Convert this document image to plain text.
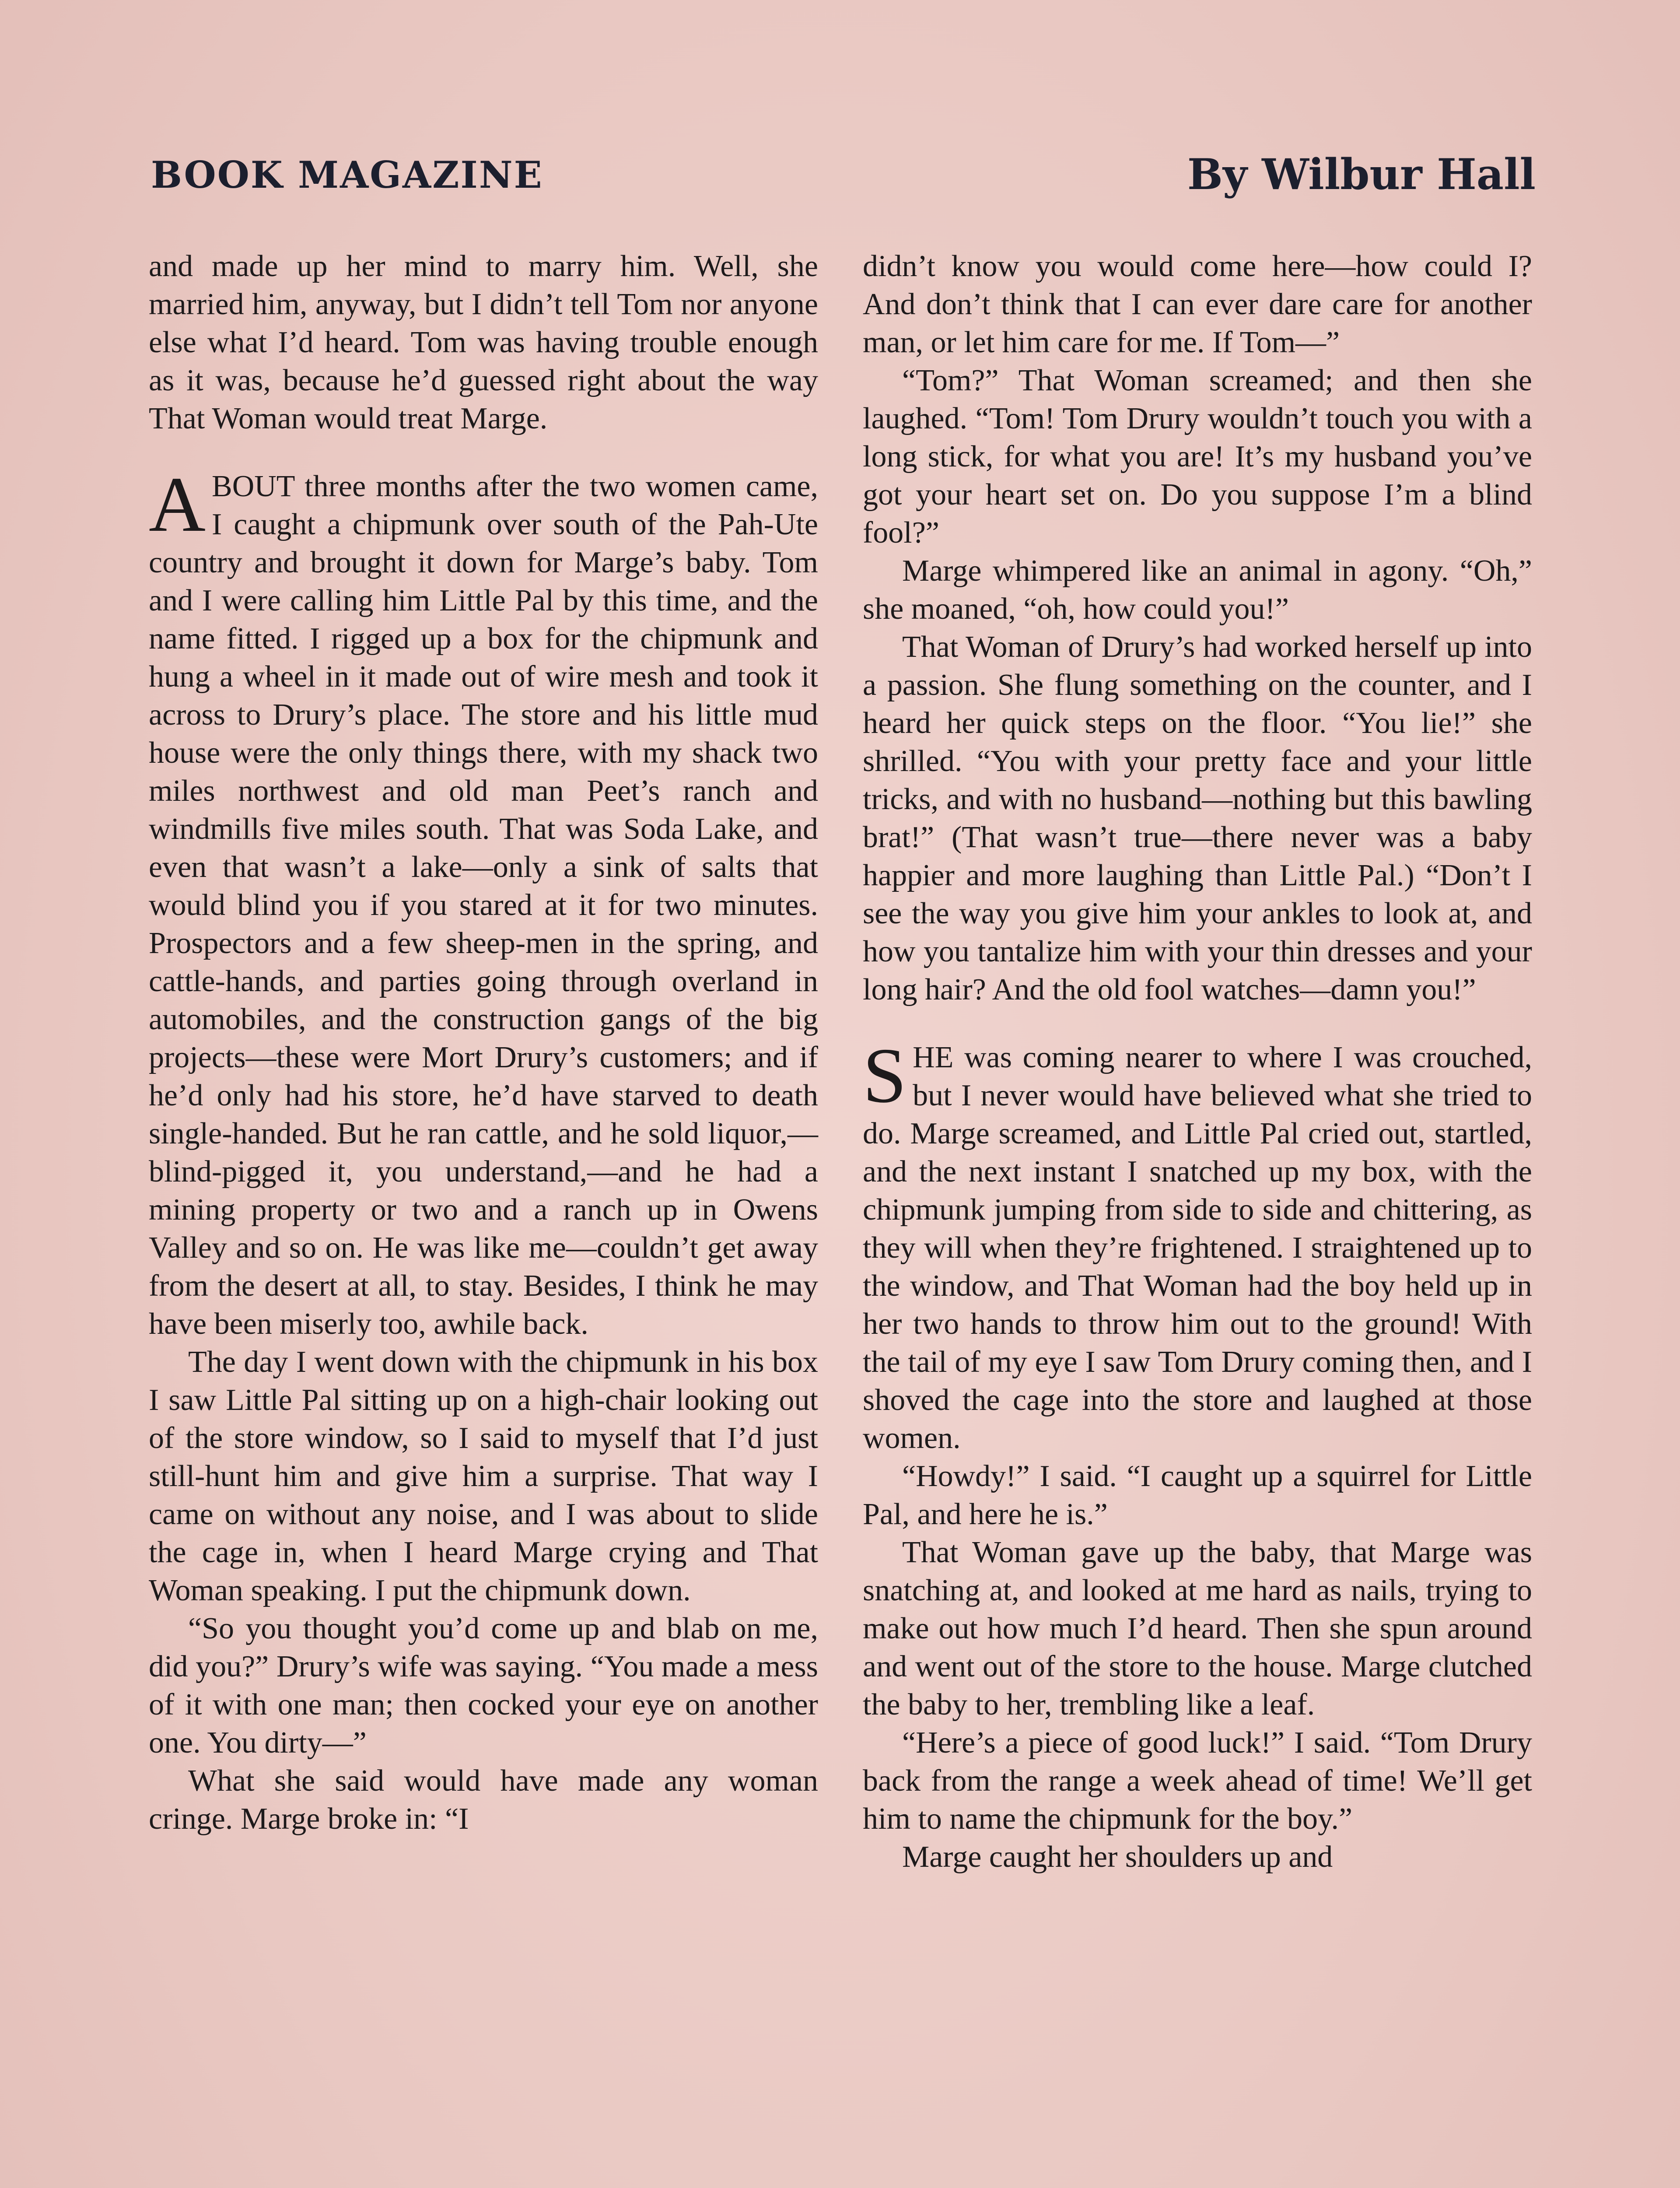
BOOK MAGAZINE	By Wilbur Hall

and made up her mind to marry him. Well, she married him, anyway, but I didn’t tell Tom nor anyone else what I’d heard. Tom was having trouble enough as it was, because he’d guessed right about the way That Woman would treat Marge.

ABOUT three months after the two women came, I caught a chipmunk over south of the Pah-Ute country and brought it down for Marge’s baby. Tom and I were calling him Little Pal by this time, and the name fitted. I rigged up a box for the chipmunk and hung a wheel in it made out of wire mesh and took it across to Drury’s place. The store and his little mud house were the only things there, with my shack two miles northwest and old man Peet’s ranch and windmills five miles south. That was Soda Lake, and even that wasn’t a lake—only a sink of salts that would blind you if you stared at it for two minutes. Prospectors and a few sheep-men in the spring, and cattle-hands, and parties going through overland in automobiles, and the construction gangs of the big projects—these were Mort Drury’s customers; and if he’d only had his store, he’d have starved to death single-handed. But he ran cattle, and he sold liquor,—blind-pigged it, you understand,—and he had a mining property or two and a ranch up in Owens Valley and so on. He was like me—couldn’t get away from the desert at all, to stay. Besides, I think he may have been miserly too, awhile back.

The day I went down with the chipmunk in his box I saw Little Pal sitting up on a high-chair looking out of the store window, so I said to myself that I’d just still-hunt him and give him a surprise. That way I came on without any noise, and I was about to slide the cage in, when I heard Marge crying and That Woman speaking. I put the chipmunk down.

“So you thought you’d come up and blab on me, did you?” Drury’s wife was saying. “You made a mess of it with one man; then cocked your eye on another one. You dirty—”

What she said would have made any woman cringe. Marge broke in: “I

didn’t know you would come here—how could I? And don’t think that I can ever dare care for another man, or let him care for me. If Tom—”

“Tom?” That Woman screamed; and then she laughed. “Tom! Tom Drury wouldn’t touch you with a long stick, for what you are! It’s my husband you’ve got your heart set on. Do you suppose I’m a blind fool?”

Marge whimpered like an animal in agony. “Oh,” she moaned, “oh, how could you!”

That Woman of Drury’s had worked herself up into a passion. She flung something on the counter, and I heard her quick steps on the floor. “You lie!” she shrilled. “You with your pretty face and your little tricks, and with no husband—nothing but this bawling brat!” (That wasn’t true—there never was a baby happier and more laughing than Little Pal.) “Don’t I see the way you give him your ankles to look at, and how you tantalize him with your thin dresses and your long hair? And the old fool watches—damn you!”

SHE was coming nearer to where I was crouched, but I never would have believed what she tried to do. Marge screamed, and Little Pal cried out, startled, and the next instant I snatched up my box, with the chipmunk jumping from side to side and chittering, as they will when they’re frightened. I straightened up to the window, and That Woman had the boy held up in her two hands to throw him out to the ground! With the tail of my eye I saw Tom Drury coming then, and I shoved the cage into the store and laughed at those women.

“Howdy!” I said. “I caught up a squirrel for Little Pal, and here he is.”

That Woman gave up the baby, that Marge was snatching at, and looked at me hard as nails, trying to make out how much I’d heard. Then she spun around and went out of the store to the house. Marge clutched the baby to her, trembling like a leaf.

“Here’s a piece of good luck!” I said. “Tom Drury back from the range a week ahead of time! We’ll get him to name the chipmunk for the boy.”

Marge caught her shoulders up and
